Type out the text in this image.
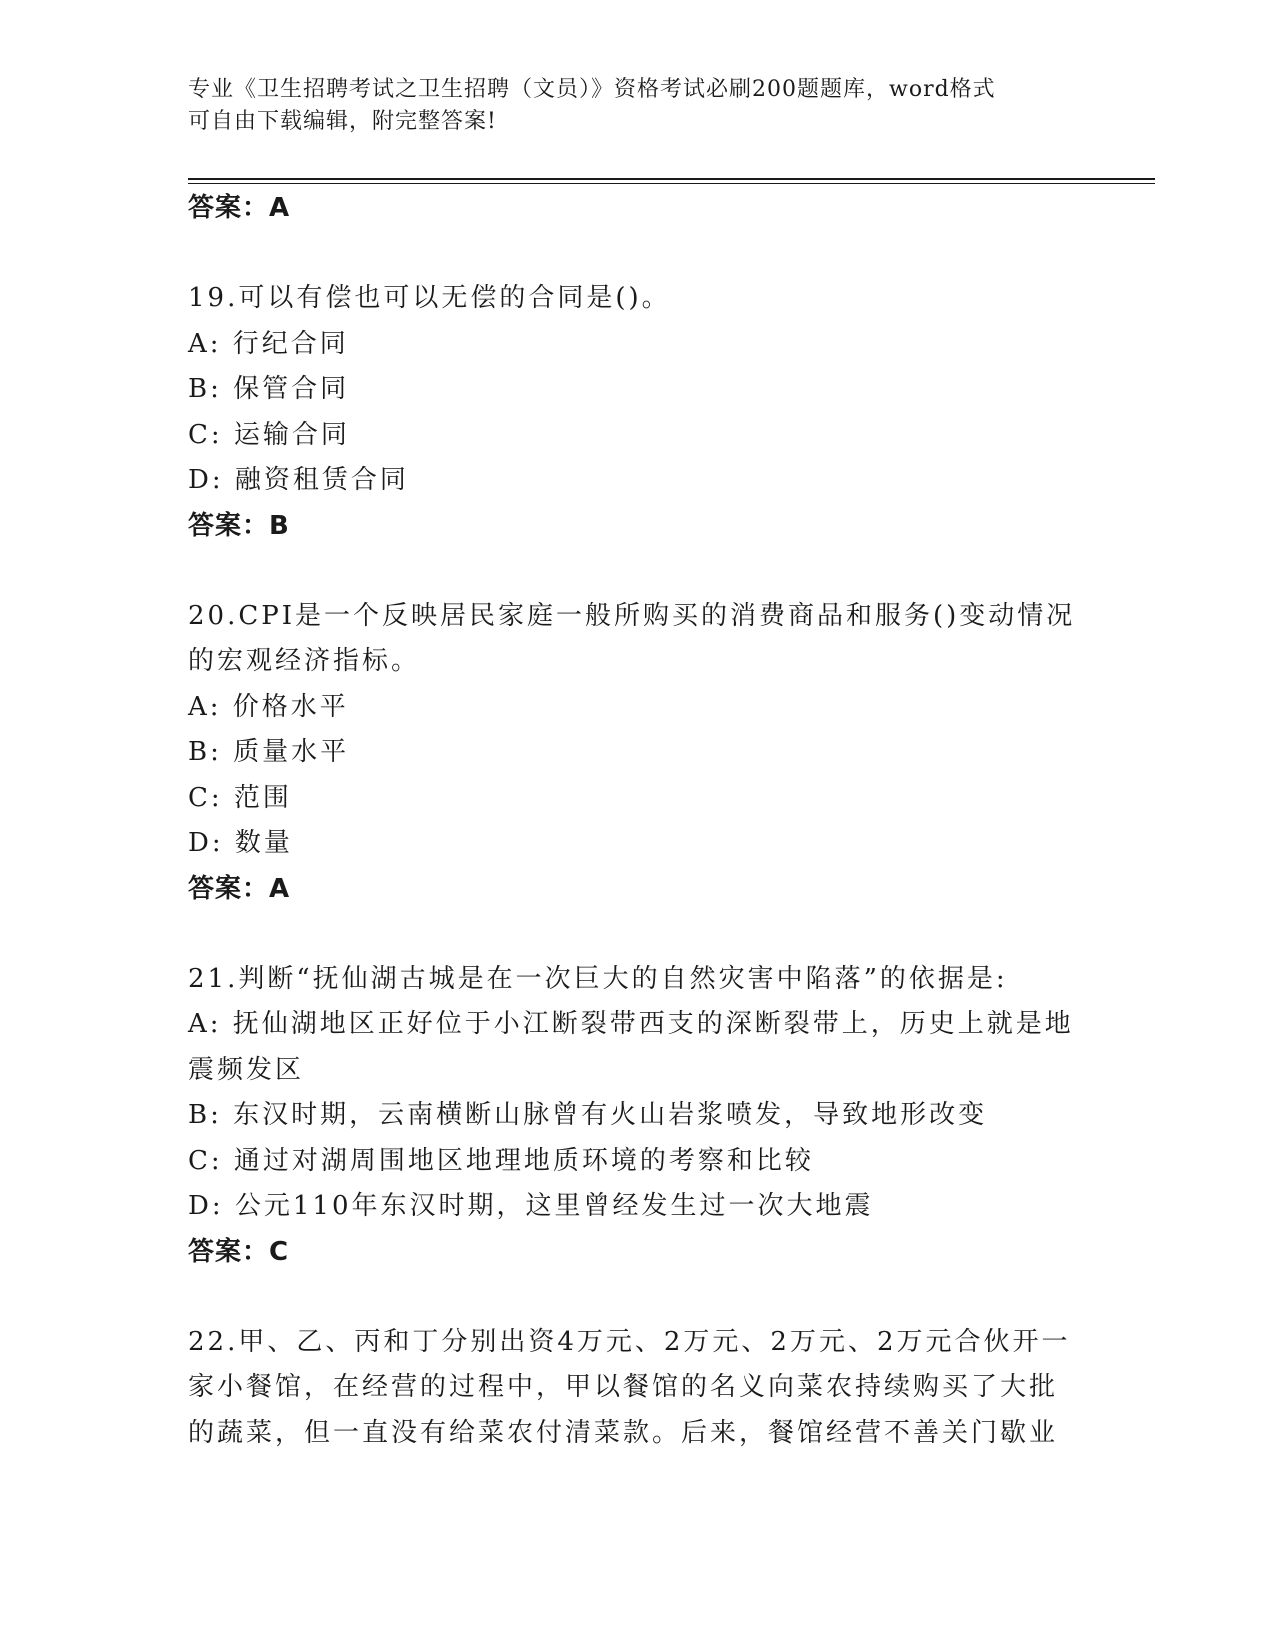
专业《卫生招聘考试之卫生招聘（文员）》资格考试必刷200题题库，word格式
可自由下载编辑，附完整答案!
答案：A
19.可以有偿也可以无偿的合同是()。
A: 行纪合同
B: 保管合同
C: 运输合同
D: 融资租赁合同
答案：B
20.CPI是一个反映居民家庭一般所购买的消费商品和服务()变动情况
的宏观经济指标。
A: 价格水平
B: 质量水平
C: 范围
D: 数量
答案：A
21.判断“抚仙湖古城是在一次巨大的自然灾害中陷落”的依据是:
A: 抚仙湖地区正好位于小江断裂带西支的深断裂带上，历史上就是地
震频发区
B: 东汉时期，云南横断山脉曾有火山岩浆喷发，导致地形改变
C: 通过对湖周围地区地理地质环境的考察和比较
D: 公元110年东汉时期，这里曾经发生过一次大地震
答案：C
22.甲、乙、丙和丁分别出资4万元、2万元、2万元、2万元合伙开一
家小餐馆，在经营的过程中，甲以餐馆的名义向菜农持续购买了大批
的蔬菜，但一直没有给菜农付清菜款。后来，餐馆经营不善关门歇业
